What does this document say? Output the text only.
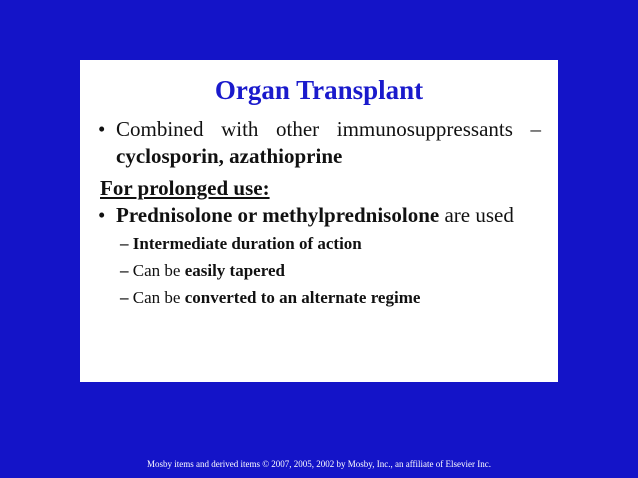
Organ Transplant
• Combined with other immunosuppressants –
cyclosporin, azathioprine
For prolonged use:
• Prednisolone or methylprednisolone are used
– Intermediate duration of action
– Can be easily tapered
– Can be converted to an alternate regime
Mosby items and derived items © 2007, 2005, 2002 by Mosby, Inc., an affiliate of Elsevier Inc.
